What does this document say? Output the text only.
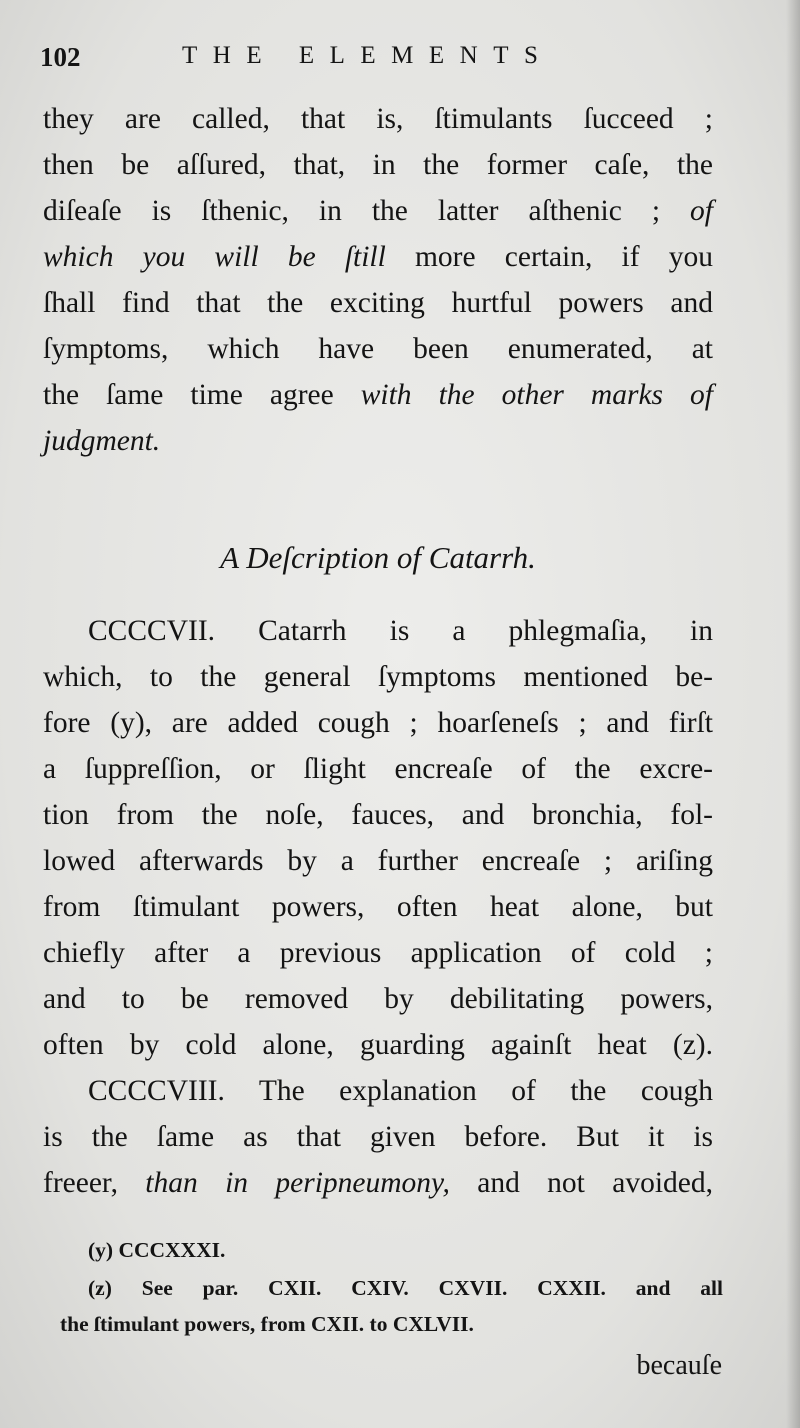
102	THE ELEMENTS
they are called, that is, ſtimulants ſucceed ;
then be aſſured, that, in the former caſe, the
diſeaſe is ſthenic, in the latter aſthenic ; of
which you will be ſtill more certain, if you
ſhall find that the exciting hurtful powers and
ſymptoms, which have been enumerated, at
the ſame time agree with the other marks of
judgment.
A Deſcription of Catarrh.
CCCCVII. Catarrh is a phlegmaſia, in
which, to the general ſymptoms mentioned be-
fore (y), are added cough ; hoarſeneſs ; and firſt
a ſuppreſſion, or ſlight encreaſe of the excre-
tion from the noſe, fauces, and bronchia, fol-
lowed afterwards by a further encreaſe ; ariſing
from ſtimulant powers, often heat alone, but
chiefly after a previous application of cold ;
and to be removed by debilitating powers,
often by cold alone, guarding againſt heat (z).
CCCCVIII. The explanation of the cough
is the ſame as that given before. But it is
freeer, than in peripneumony, and not avoided,
(y) CCCXXXI.
(z) See par. CXII. CXIV. CXVII. CXXII. and all
the ſtimulant powers, from CXII. to CXLVII.
becauſe
